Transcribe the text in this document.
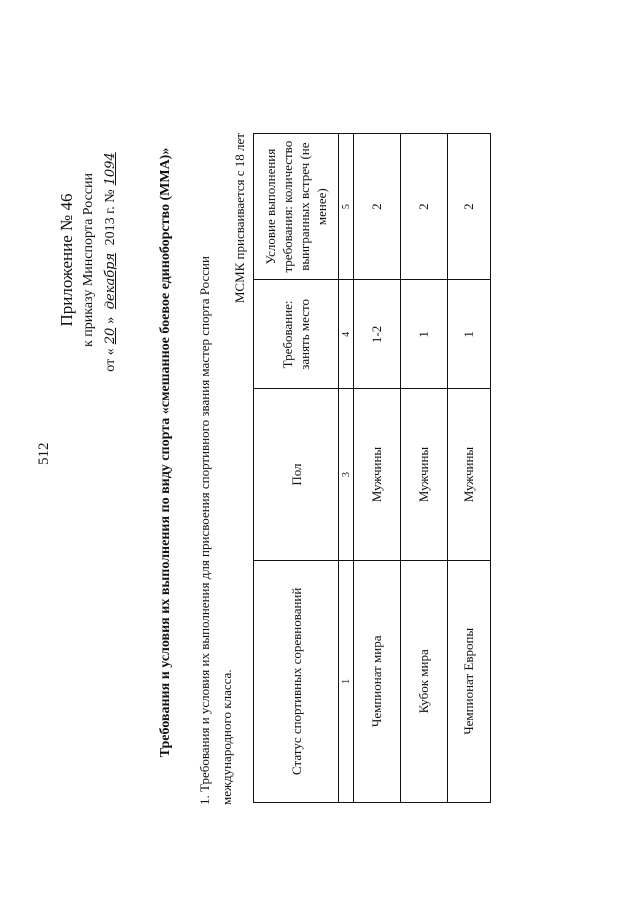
512
Приложение № 46 к приказу Минспорта России
от «20» декабря 2013 г. №1094	Требования и условия их выполнения по виду спорта «смешанное боевое единоборство (ММА)» 1. Требования и условия их выполнения для присвоения спортивного звания мастер спорта России международного класса.
МСМК присваивается с 18 лет
Статус спортивных соревнований	Пол	Требование: занять место	Условие выполнения требования: количество выигранных встреч (не менее)
1	3	4	5
Чемпионат мира	Мужчины	1-2	2
Кубок мира	Мужчины	1	2
Чемпионат Европы	Мужчины	1	2
